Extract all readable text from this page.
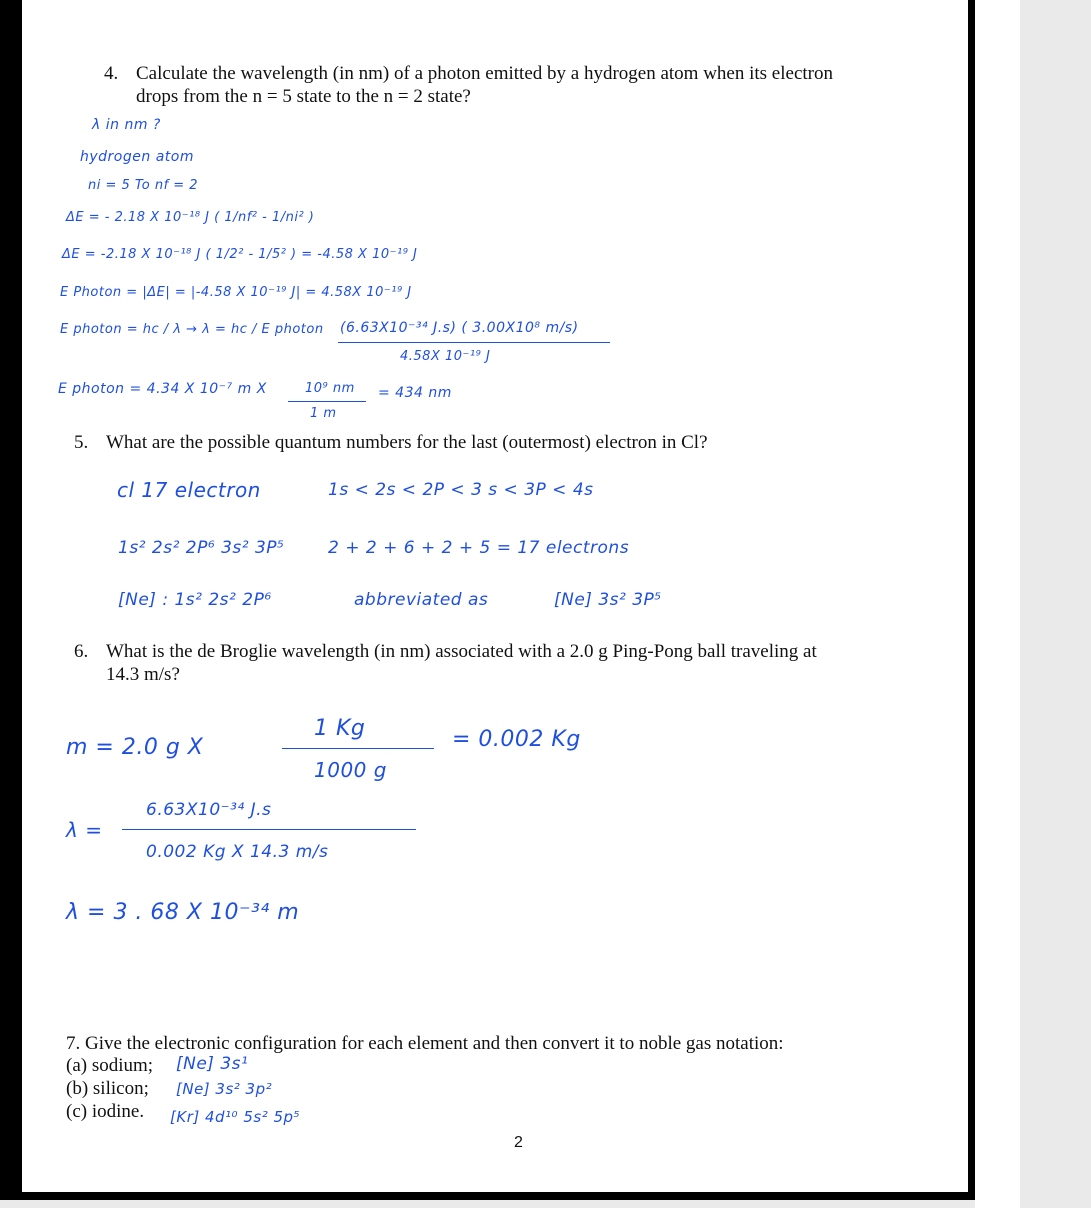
4. Calculate the wavelength (in nm) of a photon emitted by a hydrogen atom when its electron
drops from the n = 5 state to the n = 2 state?
λ in nm ?
hydrogen atom
ni = 5 To nf = 2
ΔE = - 2.18 X 10⁻¹⁸ J ( 1/nf² - 1/ni² )
ΔE = -2.18 X 10⁻¹⁸ J ( 1/2² - 1/5² ) = -4.58 X 10⁻¹⁹ J
E Photon = |ΔE| = |-4.58 X 10⁻¹⁹ J| = 4.58X 10⁻¹⁹ J
E photon = hc / λ → λ = hc / E photon (6.63X10⁻³⁴ J.s) ( 3.00X10⁸ m/s)
4.58X 10⁻¹⁹ J
E photon = 4.34 X 10⁻⁷ m X	10⁹ nm
1 m
= 434 nm
5. What are the possible quantum numbers for the last (outermost) electron in Cl?
cl 17 electron	1s < 2s < 2P < 3 s < 3P < 4s
1s² 2s² 2P⁶ 3s² 3P⁵	2 + 2 + 6 + 2 + 5 = 17 electrons
[Ne] : 1s² 2s² 2P⁶	abbreviated as	[Ne] 3s² 3P⁵
6. What is the de Broglie wavelength (in nm) associated with a 2.0 g Ping-Pong ball traveling at
14.3 m/s?
m = 2.0 g X
1 Kg
1000 g
= 0.002 Kg
λ =
6.63X10⁻³⁴ J.s
0.002 Kg X 14.3 m/s
λ = 3 . 68 X 10⁻³⁴ m
7. Give the electronic configuration for each element and then convert it to noble gas notation:
(a) sodium; [Ne] 3s¹
(b) silicon; [Ne] 3s² 3p²
(c) iodine. [Kr] 4d¹⁰ 5s² 5p⁵
2
